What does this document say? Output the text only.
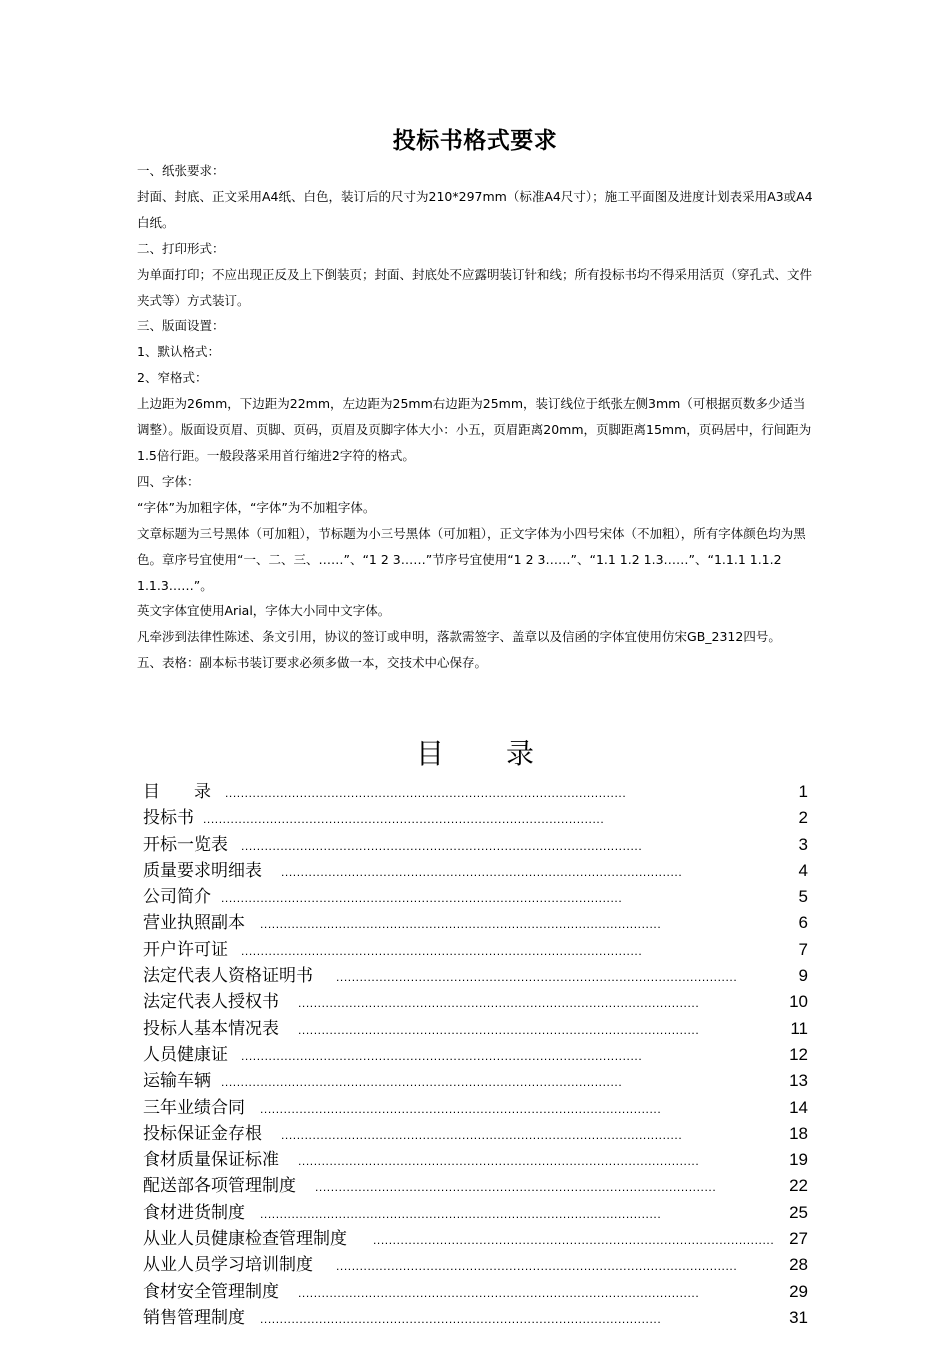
投标书格式要求

一、纸张要求：

封面、封底、正文采用A4纸、白色，装订后的尺寸为210*297mm（标准A4尺寸）；施工平面图及进度计划表采用A3或A4白纸。

二、打印形式：

为单面打印；不应出现正反及上下倒装页；封面、封底处不应露明装订针和线；所有投标书均不得采用活页（穿孔式、文件夹式等）方式装订。

三、版面设置：

1、默认格式：

2、窄格式：

上边距为26mm，下边距为22mm，左边距为25mm右边距为25mm，装订线位于纸张左侧3mm（可根据页数多少适当调整）。版面设页眉、页脚、页码，页眉及页脚字体大小：小五，页眉距离20mm，页脚距离15mm，页码居中，行间距为1.5倍行距。一般段落采用首行缩进2字符的格式。

四、字体：

“字体”为加粗字体，“字体”为不加粗字体。

文章标题为三号黑体（可加粗），节标题为小三号黑体（可加粗），正文字体为小四号宋体（不加粗），所有字体颜色均为黑色。章序号宜使用“一、二、三、……”、“1 2 3……”节序号宜使用“1 2 3……”、“1.1 1.2 1.3……”、“1.1.1 1.1.2 1.1.3……”。

英文字体宜使用Arial，字体大小同中文字体。

凡牵涉到法律性陈述、条文引用，协议的签订或申明，落款需签字、盖章以及信函的字体宜使用仿宋GB_2312四号。

五、表格：副本标书装订要求必须多做一本，交技术中心保存。

目 录
目　　录 ......................................................................................................	1
投标书 ......................................................................................................	2
开标一览表 ......................................................................................................	3
质量要求明细表 ......................................................................................................	4
公司简介 ......................................................................................................	5
营业执照副本 ......................................................................................................	6
开户许可证 ......................................................................................................	7
法定代表人资格证明书 ......................................................................................................	9
法定代表人授权书 ......................................................................................................	10
投标人基本情况表 ......................................................................................................	11
人员健康证 ......................................................................................................	12
运输车辆 ......................................................................................................	13
三年业绩合同 ......................................................................................................	14
投标保证金存根 ......................................................................................................	18
食材质量保证标准 ......................................................................................................	19
配送部各项管理制度 ......................................................................................................	22
食材进货制度 ......................................................................................................	25
从业人员健康检查管理制度 ...................................................................................................... 27
从业人员学习培训制度 ......................................................................................................	28
食材安全管理制度 ......................................................................................................	29
销售管理制度 ......................................................................................................	31
